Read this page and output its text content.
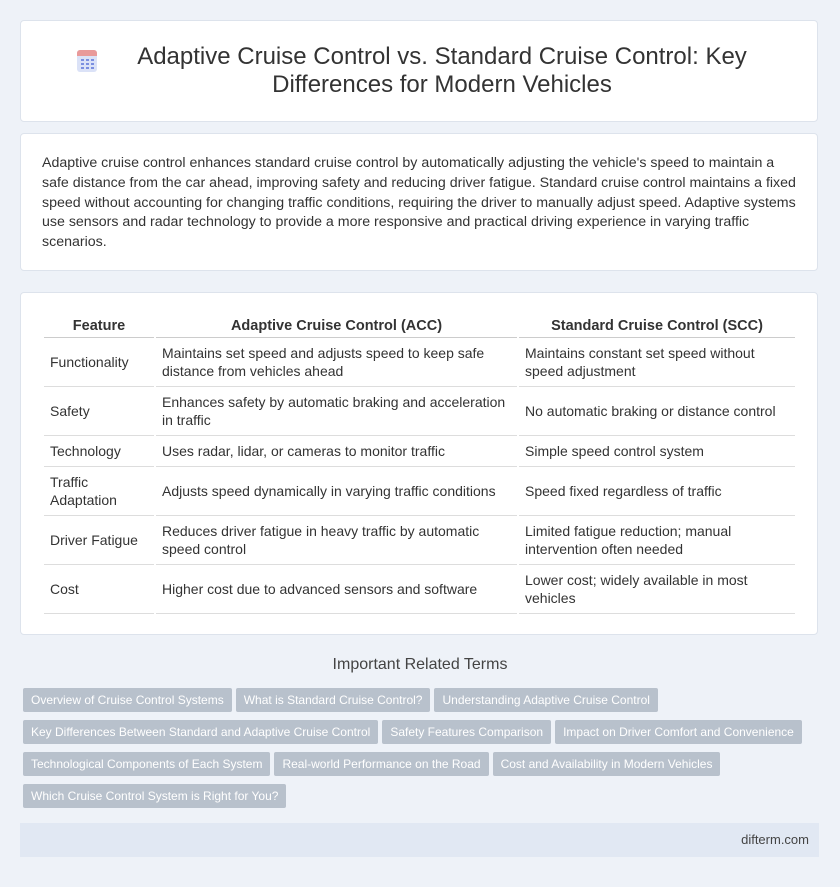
Adaptive Cruise Control vs. Standard Cruise Control: Key Differences for Modern Vehicles

Adaptive cruise control enhances standard cruise control by automatically adjusting the vehicle's speed to maintain a safe distance from the car ahead, improving safety and reducing driver fatigue. Standard cruise control maintains a fixed speed without accounting for changing traffic conditions, requiring the driver to manually adjust speed. Adaptive systems use sensors and radar technology to provide a more responsive and practical driving experience in varying traffic scenarios.

Feature	Adaptive Cruise Control (ACC)	Standard Cruise Control (SCC)
Functionality	Maintains set speed and adjusts speed to keep safe distance from vehicles ahead	Maintains constant set speed without speed adjustment
Safety	Enhances safety by automatic braking and acceleration in traffic	No automatic braking or distance control
Technology	Uses radar, lidar, or cameras to monitor traffic	Simple speed control system
Traffic Adaptation	Adjusts speed dynamically in varying traffic conditions	Speed fixed regardless of traffic
Driver Fatigue	Reduces driver fatigue in heavy traffic by automatic speed control	Limited fatigue reduction; manual intervention often needed
Cost	Higher cost due to advanced sensors and software	Lower cost; widely available in most vehicles
Important Related Terms
Overview of Cruise Control Systems What is Standard Cruise Control? Understanding Adaptive Cruise Control
Key Differences Between Standard and Adaptive Cruise Control Safety Features Comparison Impact on Driver Comfort and Convenience
Technological Components of Each System Real-world Performance on the Road Cost and Availability in Modern Vehicles
Which Cruise Control System is Right for You?
difterm.com
